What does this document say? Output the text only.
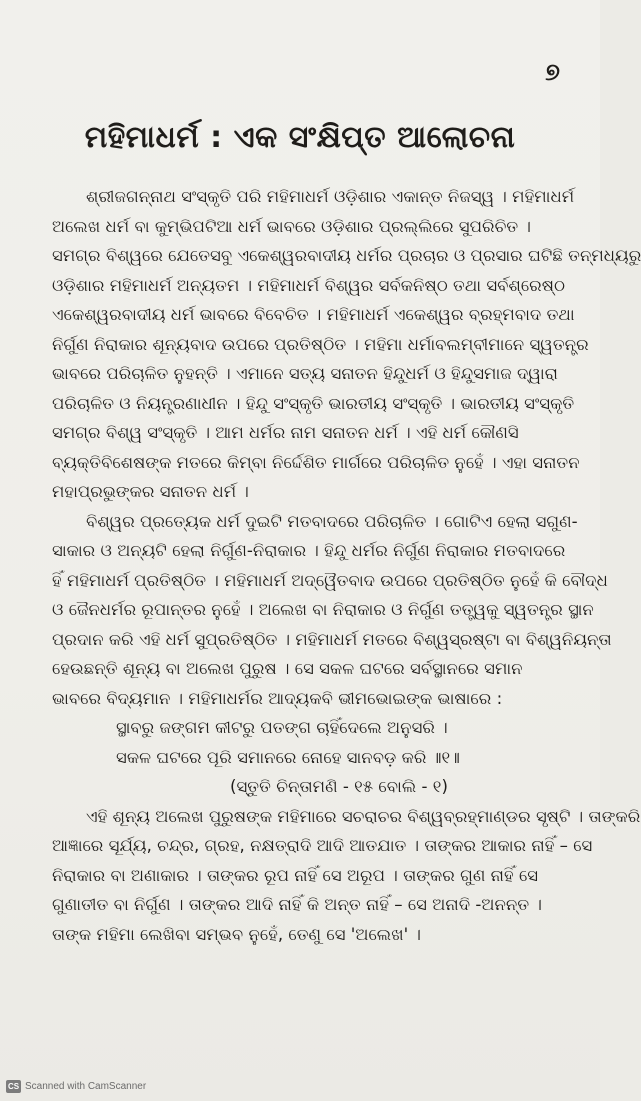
୭
ମହିମାଧର୍ମ : ଏକ ସଂକ୍ଷିପ୍ତ ଆଲୋଚନା
ଶ୍ରୀଜଗନ୍ନାଥ ସଂସ୍କୃତି ପରି ମହିମାଧର୍ମ ଓଡ଼ିଶାର ଏକାନ୍ତ ନିଜସ୍ୱ । ମହିମାଧର୍ମ
ଅଲେଖ ଧର୍ମ ବା କୁମ୍ଭିପଟିଆ ଧର୍ମ ଭାବରେ ଓଡ଼ିଶାର ପ୍ରଲ୍ଲିରେ ସୁପରିଚିତ ।
ସମଗ୍ର ବିଶ୍ୱରେ ଯେତେସବୁ ଏକେଶ୍ୱରବାଦୀୟ ଧର୍ମର ପ୍ରଚାର ଓ ପ୍ରସାର ଘଟିଛି ତନ୍ମଧ୍ୟରୁ
ଓଡ଼ିଶାର ମହିମାଧର୍ମ ଅନ୍ୟତମ । ମହିମାଧର୍ମ ବିଶ୍ୱର ସର୍ବକନିଷ୍ଠ ତଥା ସର୍ବଶ୍ରେଷ୍ଠ
ଏକେଶ୍ୱରବାଦୀୟ ଧର୍ମ ଭାବରେ ବିବେଚିତ । ମହିମାଧର୍ମ ଏକେଶ୍ୱର ବ୍ରହ୍ମବାଦ ତଥା
ନିର୍ଗୁଣ ନିରାକାର ଶୂନ୍ୟବାଦ ଉପରେ ପ୍ରତିଷ୍ଠିତ । ମହିମା ଧର୍ମାବଲମ୍ବୀମାନେ ସ୍ୱତନ୍ତ୍ର
ଭାବରେ ପରିଚାଳିତ ନୁହନ୍ତି । ଏମାନେ ସତ୍ୟ ସନାତନ ହିନ୍ଦୁଧର୍ମ ଓ ହିନ୍ଦୁସମାଜ ଦ୍ୱାରା
ପରିଚାଳିତ ଓ ନିୟନ୍ତ୍ରଣାଧୀନ । ହିନ୍ଦୁ ସଂସ୍କୃତି ଭାରତୀୟ ସଂସ୍କୃତି । ଭାରତୀୟ ସଂସ୍କୃତି
ସମଗ୍ର ବିଶ୍ୱ ସଂସ୍କୃତି । ଆମ ଧର୍ମର ନାମ ସନାତନ ଧର୍ମ । ଏହି ଧର୍ମ କୌଣସି
ବ୍ୟକ୍ତିବିଶେଷଙ୍କ ମତରେ କିମ୍ବା ନିର୍ଦ୍ଦେଶିତ ମାର୍ଗରେ ପରିଚାଳିତ ନୁହେଁ । ଏହା ସନାତନ
ମହାପ୍ରଭୁଙ୍କର ସନାତନ ଧର୍ମ ।
ବିଶ୍ୱର ପ୍ରତ୍ୟେକ ଧର୍ମ ଦୁଇଟି ମତବାଦରେ ପରିଚାଳିତ । ଗୋଟିଏ ହେଲା ସଗୁଣ-
ସାକାର ଓ ଅନ୍ୟଟି ହେଲା ନିର୍ଗୁଣ-ନିରାକାର । ହିନ୍ଦୁ ଧର୍ମର ନିର୍ଗୁଣ ନିରାକାର ମତବାଦରେ
ହିଁ ମହିମାଧର୍ମ ପ୍ରତିଷ୍ଠିତ । ମହିମାଧର୍ମ ଅଦ୍ୱୈତବାଦ ଉପରେ ପ୍ରତିଷ୍ଠିତ ନୁହେଁ କି ବୌଦ୍ଧ
ଓ ଜୈନଧର୍ମର ରୂପାନ୍ତର ନୁହେଁ । ଅଲେଖ ବା ନିରାକାର ଓ ନିର୍ଗୁଣ ତତ୍ତ୍ୱକୁ ସ୍ୱତନ୍ତ୍ର ସ୍ଥାନ
ପ୍ରଦାନ କରି ଏହି ଧର୍ମ ସୁପ୍ରତିଷ୍ଠିତ । ମହିମାଧର୍ମ ମତରେ ବିଶ୍ୱସ୍ରଷ୍ଟା ବା ବିଶ୍ୱନିୟନ୍ତା
ହେଉଛନ୍ତି ଶୂନ୍ୟ ବା ଅଲେଖ ପୁରୁଷ । ସେ ସକଳ ଘଟରେ ସର୍ବସ୍ଥାନରେ ସମାନ
ଭାବରେ ବିଦ୍ୟମାନ । ମହିମାଧର୍ମର ଆଦ୍ୟକବି ଭୀମଭୋଇଙ୍କ ଭାଷାରେ :
ସ୍ଥାବରୁ ଜଙ୍ଗମ କୀଟରୁ ପତଙ୍ଗ ଚାହିଁଦେଲେ ଅନୁସରି ।
ସକଳ ଘଟରେ ପୂରି ସମାନରେ ନୋହେ ସାନବଡ଼ କରି ॥୧॥
(ସ୍ତୁତି ଚିନ୍ତାମଣି - ୧୫ ବୋଲି - ୧)
ଏହି ଶୂନ୍ୟ ଅଲେଖ ପୁରୁଷଙ୍କ ମହିମାରେ ସଚରାଚର ବିଶ୍ୱବ୍ରହ୍ମାଣ୍ଡର ସୃଷ୍ଟି । ତାଙ୍କରି
ଆଜ୍ଞାରେ ସୂର୍ଯ୍ୟ, ଚନ୍ଦ୍ର, ଗ୍ରହ, ନକ୍ଷତ୍ରାଦି ଆଦି ଆତଯାତ । ତାଙ୍କର ଆକାର ନାହିଁ – ସେ
ନିରାକାର ବା ଅଣାକାର । ତାଙ୍କର ରୂପ ନାହିଁ ସେ ଅରୂପ । ତାଙ୍କର ଗୁଣ ନାହିଁ ସେ
ଗୁଣାତୀତ ବା ନିର୍ଗୁଣ । ତାଙ୍କର ଆଦି ନାହିଁ କି ଅନ୍ତ ନାହିଁ – ସେ ଅନାଦି -ଅନନ୍ତ ।
ତାଙ୍କ ମହିମା ଲେଖିବା ସମ୍ଭବ ନୁହେଁ, ତେଣୁ ସେ 'ଅଲେଖ' ।
CS Scanned with CamScanner
